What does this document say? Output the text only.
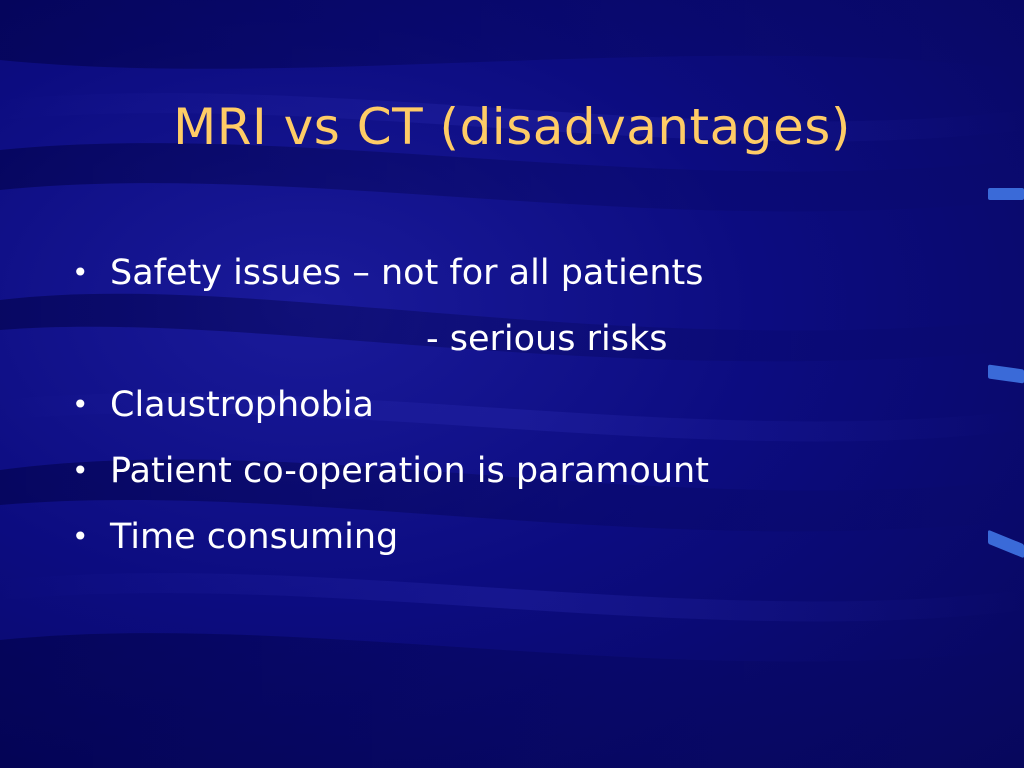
MRI vs CT (disadvantages)
• Safety issues – not for all patients
- serious risks
• Claustrophobia
• Patient co-operation is paramount
• Time consuming
